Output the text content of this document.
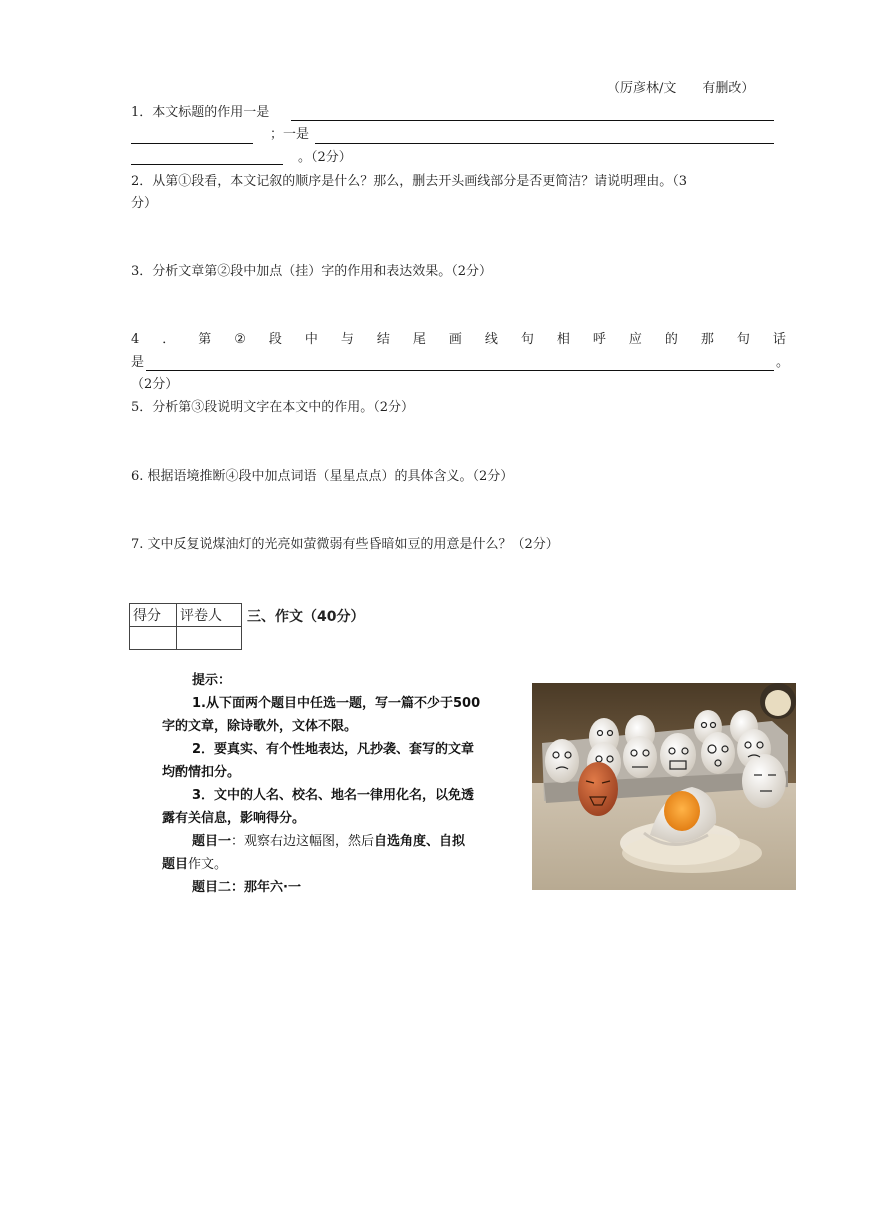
（厉彦林/文　　有删改）
1．本文标题的作用一是
；一是
。（2分）
2．从第①段看，本文记叙的顺序是什么？那么，删去开头画线部分是否更简洁？请说明理由。（3
分）
3．分析文章第②段中加点（挂）字的作用和表达效果。（2分）
4 ． 第 ② 段 中 与 结 尾 画 线 句 相 呼 应 的 那 句 话
是	。
（2分）
5．分析第③段说明文字在本文中的作用。（2分）
6. 根据语境推断④段中加点词语（星星点点）的具体含义。（2分）
7. 文中反复说煤油灯的光亮如萤微弱有些昏暗如豆的用意是什么？（2分）
得分	评卷人
	三、作文（40分）
提示：
1.从下面两个题目中任选一题，写一篇不少于500
字的文章，除诗歌外，文体不限。
2．要真实、有个性地表达，凡抄袭、套写的文章
均酌情扣分。
3．文中的人名、校名、地名一律用化名，以免透
露有关信息，影响得分。
题目一：观察右边这幅图，然后自选角度、自拟
题目作文。
题目二：那年六·一
